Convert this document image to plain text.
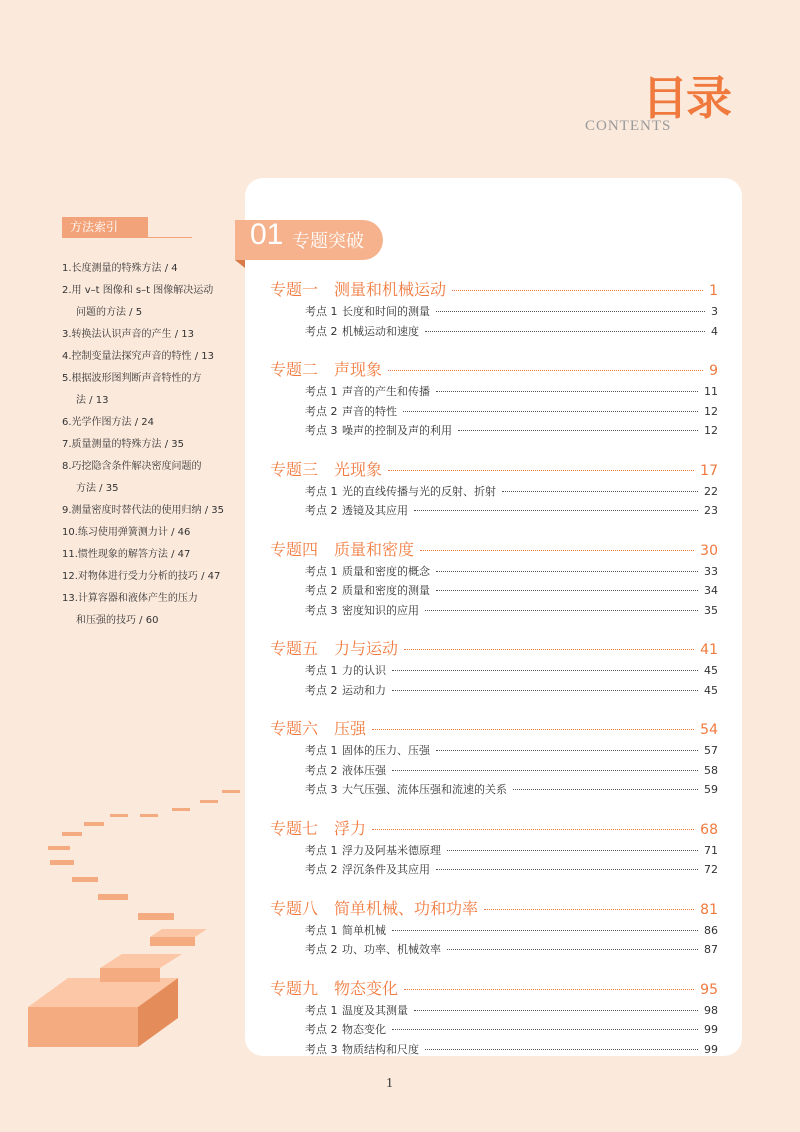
CONTENTS
目录
方法索引
1.长度测量的特殊方法 / 4
2.用 v–t 图像和 s–t 图像解决运动
问题的方法 / 5
3.转换法认识声音的产生 / 13
4.控制变量法探究声音的特性 / 13
5.根据波形图判断声音特性的方
法 / 13
6.光学作图方法 / 24
7.质量测量的特殊方法 / 35
8.巧挖隐含条件解决密度问题的
方法 / 35
9.测量密度时替代法的使用归纳 / 35
10.练习使用弹簧测力计 / 46
11.惯性现象的解答方法 / 47
12.对物体进行受力分析的技巧 / 47
13.计算容器和液体产生的压力
和压强的技巧 / 60
01 专题突破
专题一　测量和机械运动	1
考点 1 长度和时间的测量	3
考点 2 机械运动和速度	4
专题二　声现象	9
考点 1 声音的产生和传播	11
考点 2 声音的特性	12
考点 3 噪声的控制及声的利用	12
专题三　光现象	17
考点 1 光的直线传播与光的反射、折射	22
考点 2 透镜及其应用	23
专题四　质量和密度	30
考点 1 质量和密度的概念	33
考点 2 质量和密度的测量	34
考点 3 密度知识的应用	35
专题五　力与运动	41
考点 1 力的认识	45
考点 2 运动和力	45
专题六　压强	54
考点 1 固体的压力、压强	57
考点 2 液体压强	58
考点 3 大气压强、流体压强和流速的关系	59
专题七　浮力	68
考点 1 浮力及阿基米德原理	71
考点 2 浮沉条件及其应用	72
专题八　简单机械、功和功率	81
考点 1 简单机械	86
考点 2 功、功率、机械效率	87
专题九　物态变化	95
考点 1 温度及其测量	98
考点 2 物态变化	99
考点 3 物质结构和尺度	99
1
